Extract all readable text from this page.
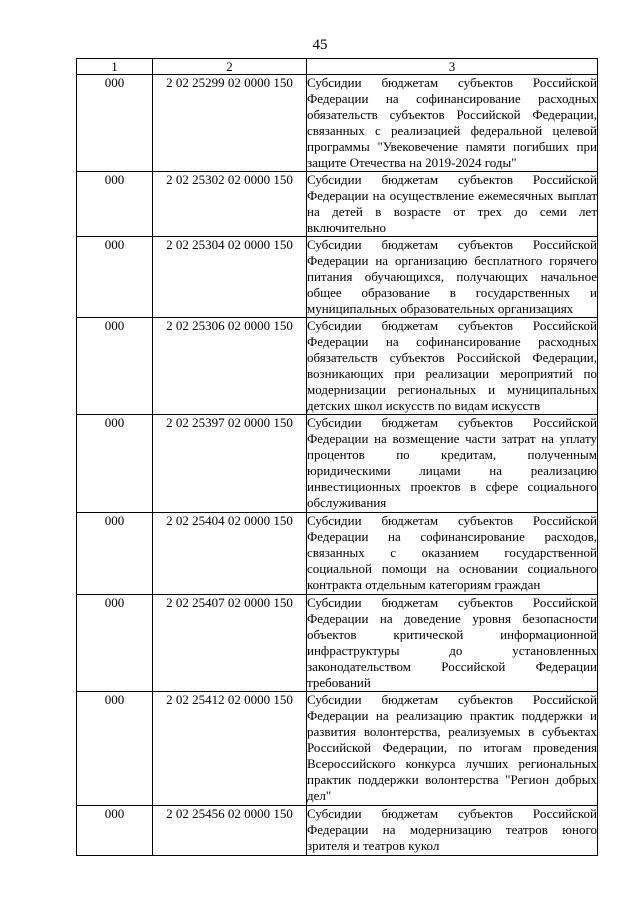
45
1	2	3
000	2 02 25299 02 0000 150	Субсидии бюджетам субъектов Российской Федерации на софинансирование расходных обязательств субъектов Российской Федерации, связанных с реализацией федеральной целевой программы "Увековечение памяти погибших при защите Отечества на 2019-2024 годы"

000	2 02 25302 02 0000 150	Субсидии бюджетам субъектов Российской Федерации на осуществление ежемесячных выплат на детей в возрасте от трех до семи лет включительно

000	2 02 25304 02 0000 150	Субсидии бюджетам субъектов Российской Федерации на организацию бесплатного горячего питания обучающихся, получающих начальное общее образование в государственных и муниципальных образовательных организациях

000	2 02 25306 02 0000 150	Субсидии бюджетам субъектов Российской Федерации на софинансирование расходных обязательств субъектов Российской Федерации, возникающих при реализации мероприятий по модернизации региональных и муниципальных детских школ искусств по видам искусств

000	2 02 25397 02 0000 150	Субсидии бюджетам субъектов Российской Федерации на возмещение части затрат на уплату процентов по кредитам, полученным юридическими лицами на реализацию инвестиционных проектов в сфере социального обслуживания

000	2 02 25404 02 0000 150	Субсидии бюджетам субъектов Российской Федерации на софинансирование расходов, связанных с оказанием государственной социальной помощи на основании социального контракта отдельным категориям граждан

000	2 02 25407 02 0000 150	Субсидии бюджетам субъектов Российской Федерации на доведение уровня безопасности объектов критической информационной инфраструктуры до установленных законодательством Российской Федерации требований

000	2 02 25412 02 0000 150	Субсидии бюджетам субъектов Российской Федерации на реализацию практик поддержки и развития волонтерства, реализуемых в субъектах Российской Федерации, по итогам проведения Всероссийского конкурса лучших региональных практик поддержки волонтерства "Регион добрых дел"

000	2 02 25456 02 0000 150	Субсидии бюджетам субъектов Российской Федерации на модернизацию театров юного зрителя и театров кукол
